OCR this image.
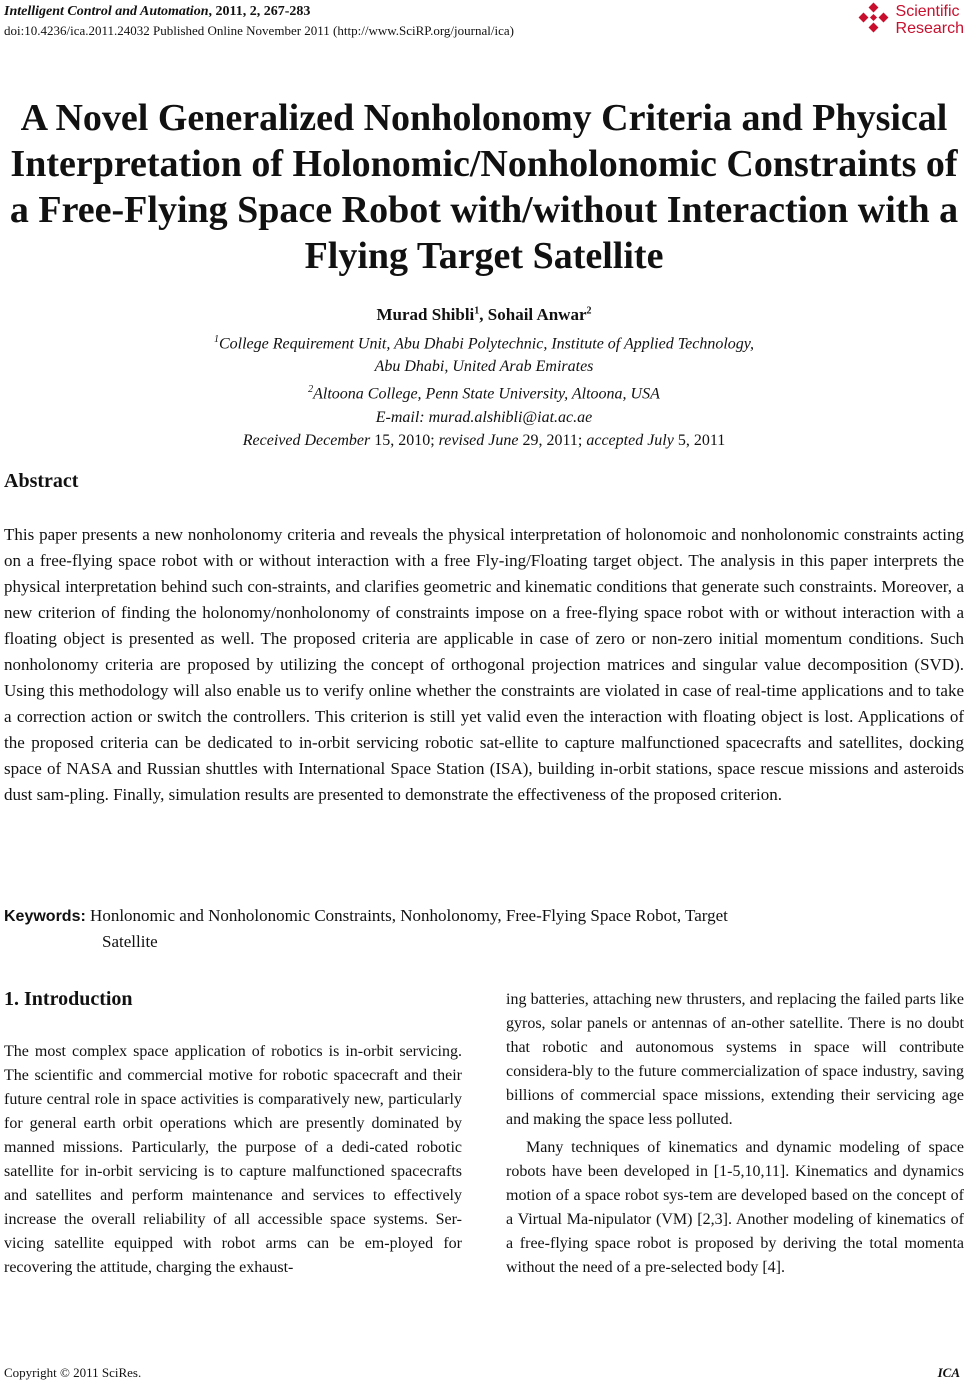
Intelligent Control and Automation, 2011, 2, 267-283
doi:10.4236/ica.2011.24032 Published Online November 2011 (http://www.SciRP.org/journal/ica)
Scientific
Research
A Novel Generalized Nonholonomy Criteria and Physical
Interpretation of Holonomic/Nonholonomic Constraints of
a Free-Flying Space Robot with/without Interaction with a
Flying Target Satellite
Murad Shibli$^1$, Sohail Anwar$^2$
$^1$College Requirement Unit, Abu Dhabi Polytechnic, Institute of Applied Technology,
Abu Dhabi, United Arab Emirates
$^2$Altoona College, Penn State University, Altoona, USA
E-mail: murad.alshibli@iat.ac.ae
Received December 15, 2010; revised June 29, 2011; accepted July 5, 2011
Abstract
This paper presents a new nonholonomy criteria and reveals the physical interpretation of holonomoic and nonholonomic constraints acting on a free-flying space robot with or without interaction with a free Fly-ing/Floating target object. The analysis in this paper interprets the physical interpretation behind such con-straints, and clarifies geometric and kinematic conditions that generate such constraints. Moreover, a new criterion of finding the holonomy/nonholonomy of constraints impose on a free-flying space robot with or without interaction with a floating object is presented as well. The proposed criteria are applicable in case of zero or non-zero initial momentum conditions. Such nonholonomy criteria are proposed by utilizing the concept of orthogonal projection matrices and singular value decomposition (SVD). Using this methodology will also enable us to verify online whether the constraints are violated in case of real-time applications and to take a correction action or switch the controllers. This criterion is still yet valid even the interaction with floating object is lost. Applications of the proposed criteria can be dedicated to in-orbit servicing robotic sat-ellite to capture malfunctioned spacecrafts and satellites, docking space of NASA and Russian shuttles with International Space Station (ISA), building in-orbit stations, space rescue missions and asteroids dust sam-pling. Finally, simulation results are presented to demonstrate the effectiveness of the proposed criterion.
Keywords: Honlonomic and Nonholonomic Constraints, Nonholonomy, Free-Flying Space Robot, Target
Satellite
1. Introduction

The most complex space application of robotics is in-orbit servicing. The scientific and commercial motive for robotic spacecraft and their future central role in space activities is comparatively new, particularly for general earth orbit operations which are presently dominated by manned missions. Particularly, the purpose of a dedi-cated robotic satellite for in-orbit servicing is to capture malfunctioned spacecrafts and satellites and perform maintenance and services to effectively increase the overall reliability of all accessible space systems. Ser-vicing satellite equipped with robot arms can be em-ployed for recovering the attitude, charging the exhaust-

ing batteries, attaching new thrusters, and replacing the failed parts like gyros, solar panels or antennas of an-other satellite. There is no doubt that robotic and autonomous systems in space will contribute considera-bly to the future commercialization of space industry, saving billions of commercial space missions, extending their servicing age and making the space less polluted.

Many techniques of kinematics and dynamic modeling of space robots have been developed in [1-5,10,11]. Kinematics and dynamics motion of a space robot sys-tem are developed based on the concept of a Virtual Ma-nipulator (VM) [2,3]. Another modeling of kinematics of a free-flying space robot is proposed by deriving the total momenta without the need of a pre-selected body [4].

Copyright © 2011 SciRes.	ICA
